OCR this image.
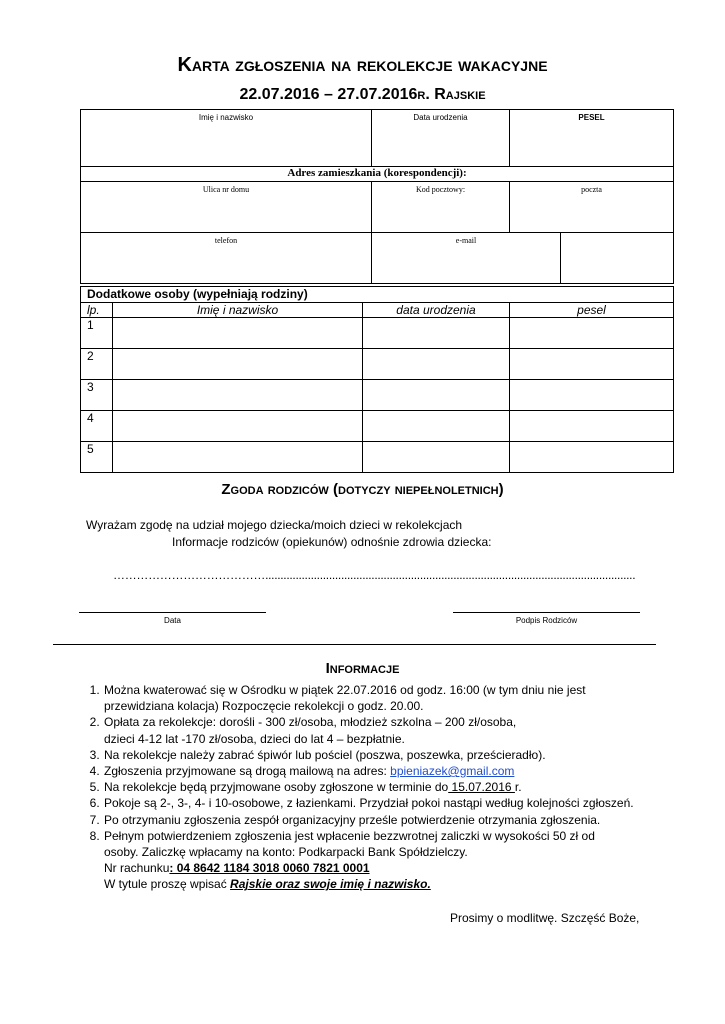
Karta zgłoszenia na rekolekcje wakacyjne
22.07.2016 – 27.07.2016r. Rajskie
Imię i nazwisko	Data urodzenia	PESEL	
Adres zamieszkania (korespondencji):			
Ulica nr domu	Kod pocztowy:	poczta	
telefon	e-mail		
Dodatkowe osoby (wypełniają rodziny)			
lp.	Imię i nazwisko	data urodzenia	pesel
1			
2			
3			
4			
5			
Zgoda rodziców (dotyczy niepełnoletnich)
Wyrażam zgodę na udział mojego dziecka/moich dzieci w rekolekcjach
Informacje rodziców (opiekunów) odnośnie zdrowia dziecka:
…………………………………..........................................................................................................................
Data	Podpis Rodziców
Informacje
1. Można kwaterować się w Ośrodku w piątek 22.07.2016 od godz. 16:00 (w tym dniu nie jest
przewidziana kolacja) Rozpoczęcie rekolekcji o godz. 20.00.
2. Opłata za rekolekcje: dorośli - 300 zł/osoba, młodzież szkolna – 200 zł/osoba,
dzieci 4-12 lat -170 zł/osoba, dzieci do lat 4 – bezpłatnie.
3. Na rekolekcje należy zabrać śpiwór lub pościel (poszwa, poszewka, prześcieradło).
4. Zgłoszenia przyjmowane są drogą mailową na adres: bpieniazek@gmail.com
5. Na rekolekcje będą przyjmowane osoby zgłoszone w terminie do 15.07.2016 r.
6. Pokoje są 2-, 3-, 4- i 10-osobowe, z łazienkami. Przydział pokoi nastąpi według kolejności zgłoszeń.
7. Po otrzymaniu zgłoszenia zespół organizacyjny prześle potwierdzenie otrzymania zgłoszenia.
8. Pełnym potwierdzeniem zgłoszenia jest wpłacenie bezzwrotnej zaliczki w wysokości 50 zł od
osoby. Zaliczkę wpłacamy na konto: Podkarpacki Bank Spółdzielczy.
Nr rachunku: 04 8642 1184 3018 0060 7821 0001
W tytule proszę wpisać Rajskie oraz swoje imię i nazwisko.
Prosimy o modlitwę. Szczęść Boże,
